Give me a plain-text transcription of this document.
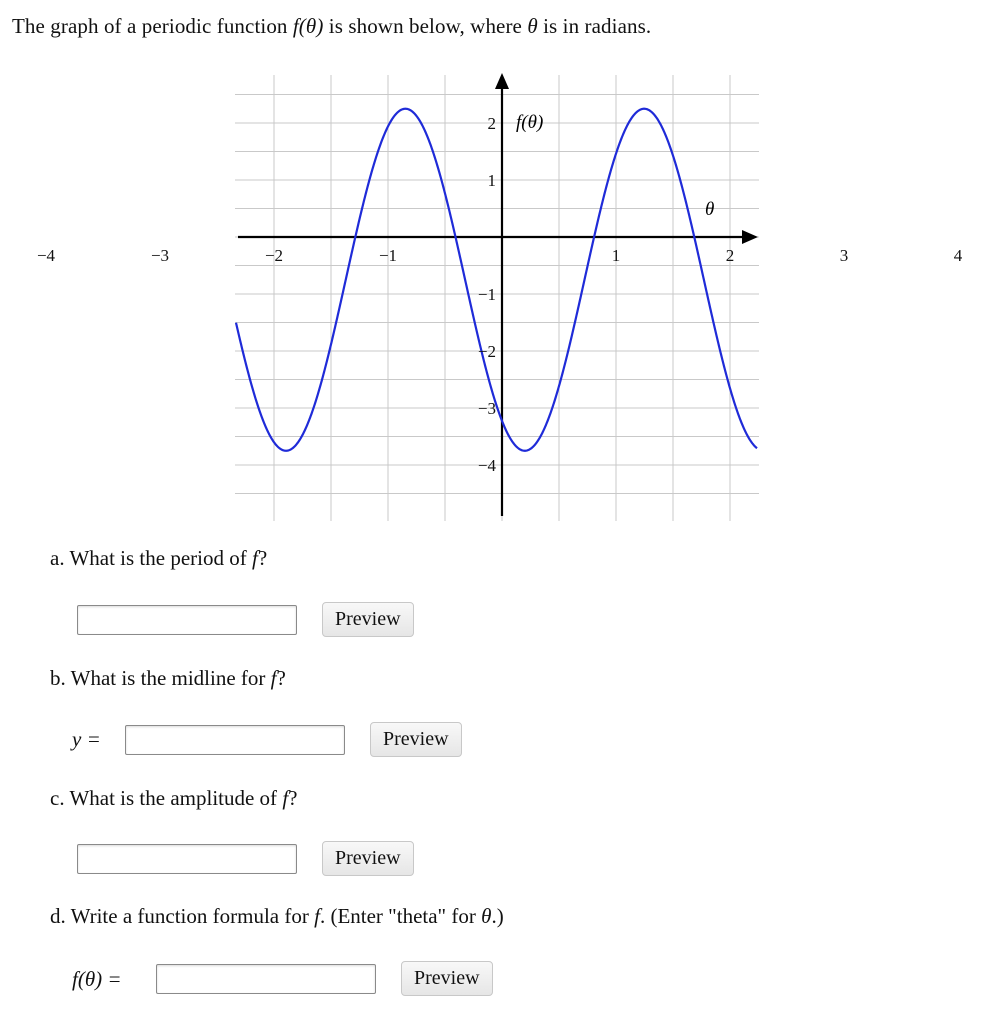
The graph of a periodic function f(θ) is shown below, where θ is in radians.
−4	−3	−2	−1	1	2	3	4
2
1
−1
−2
−3
−4
f(θ)
θ
a. What is the period of f?
Preview
b. What is the midline for f?
y =	Preview
c. What is the amplitude of f?
Preview
d. Write a function formula for f. (Enter "theta" for θ.)
f(θ) =	Preview
